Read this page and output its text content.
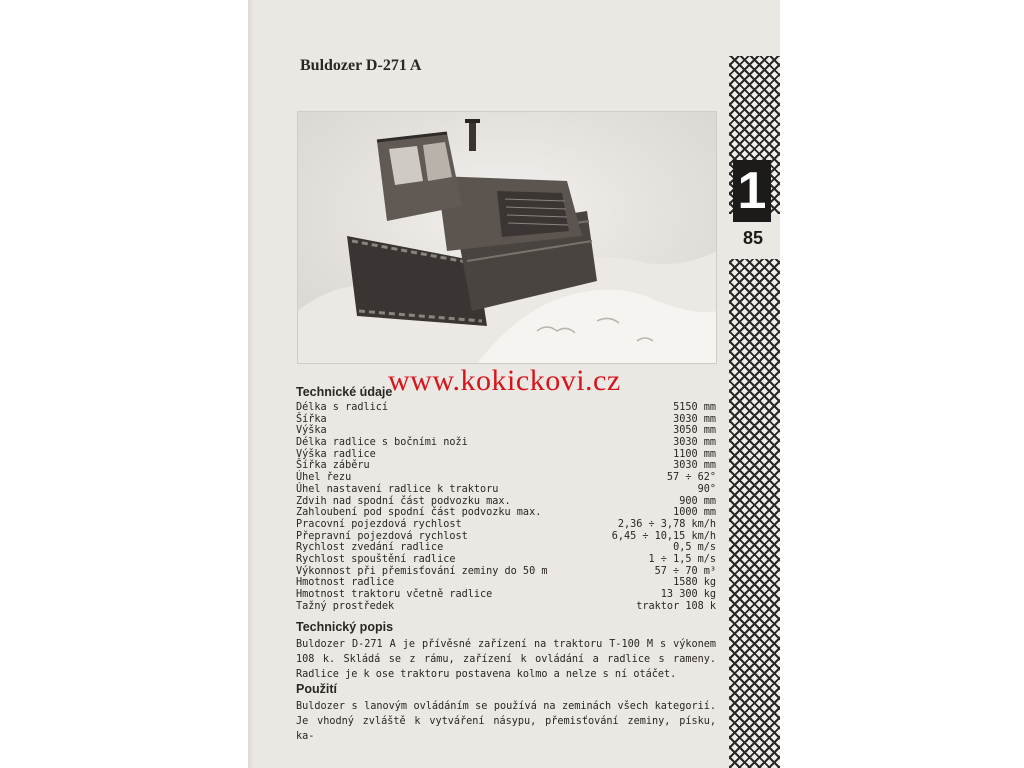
Buldozer D-271 A
1
85
Technické údaje
Délka s radlicí	5150 mm
Šířka	3030 mm
Výška	3050 mm
Délka radlice s bočními noži	3030 mm
Výška radlice	1100 mm
Šířka záběru	3030 mm
Úhel řezu	57 ÷ 62°
Úhel nastavení radlice k traktoru	90°
Zdvih nad spodní část podvozku max.	900 mm
Zahloubení pod spodní část podvozku max.	1000 mm
Pracovní pojezdová rychlost	2,36 ÷ 3,78 km/h
Přepravní pojezdová rychlost	6,45 ÷ 10,15 km/h
Rychlost zvedání radlice	0,5 m/s
Rychlost spouštění radlice	1 ÷ 1,5 m/s
Výkonnost při přemisťování zeminy do 50 m	57 ÷ 70 m³
Hmotnost radlice	1580 kg
Hmotnost traktoru včetně radlice	13 300 kg
Tažný prostředek	traktor 108 k
www.kokickovi.cz
Technický popis

Buldozer D-271 A je přívěsné zařízení na traktoru T-100 M s výkonem 108 k. Skládá se z rámu, zařízení k ovládání a radlice s rameny. Radlice je k ose traktoru postavena kolmo a nelze s ní otáčet.

Použití

Buldozer s lanovým ovládáním se používá na zeminách všech kategorií. Je vhodný zvláště k vytváření násypu, přemisťování zeminy, písku, ka-
